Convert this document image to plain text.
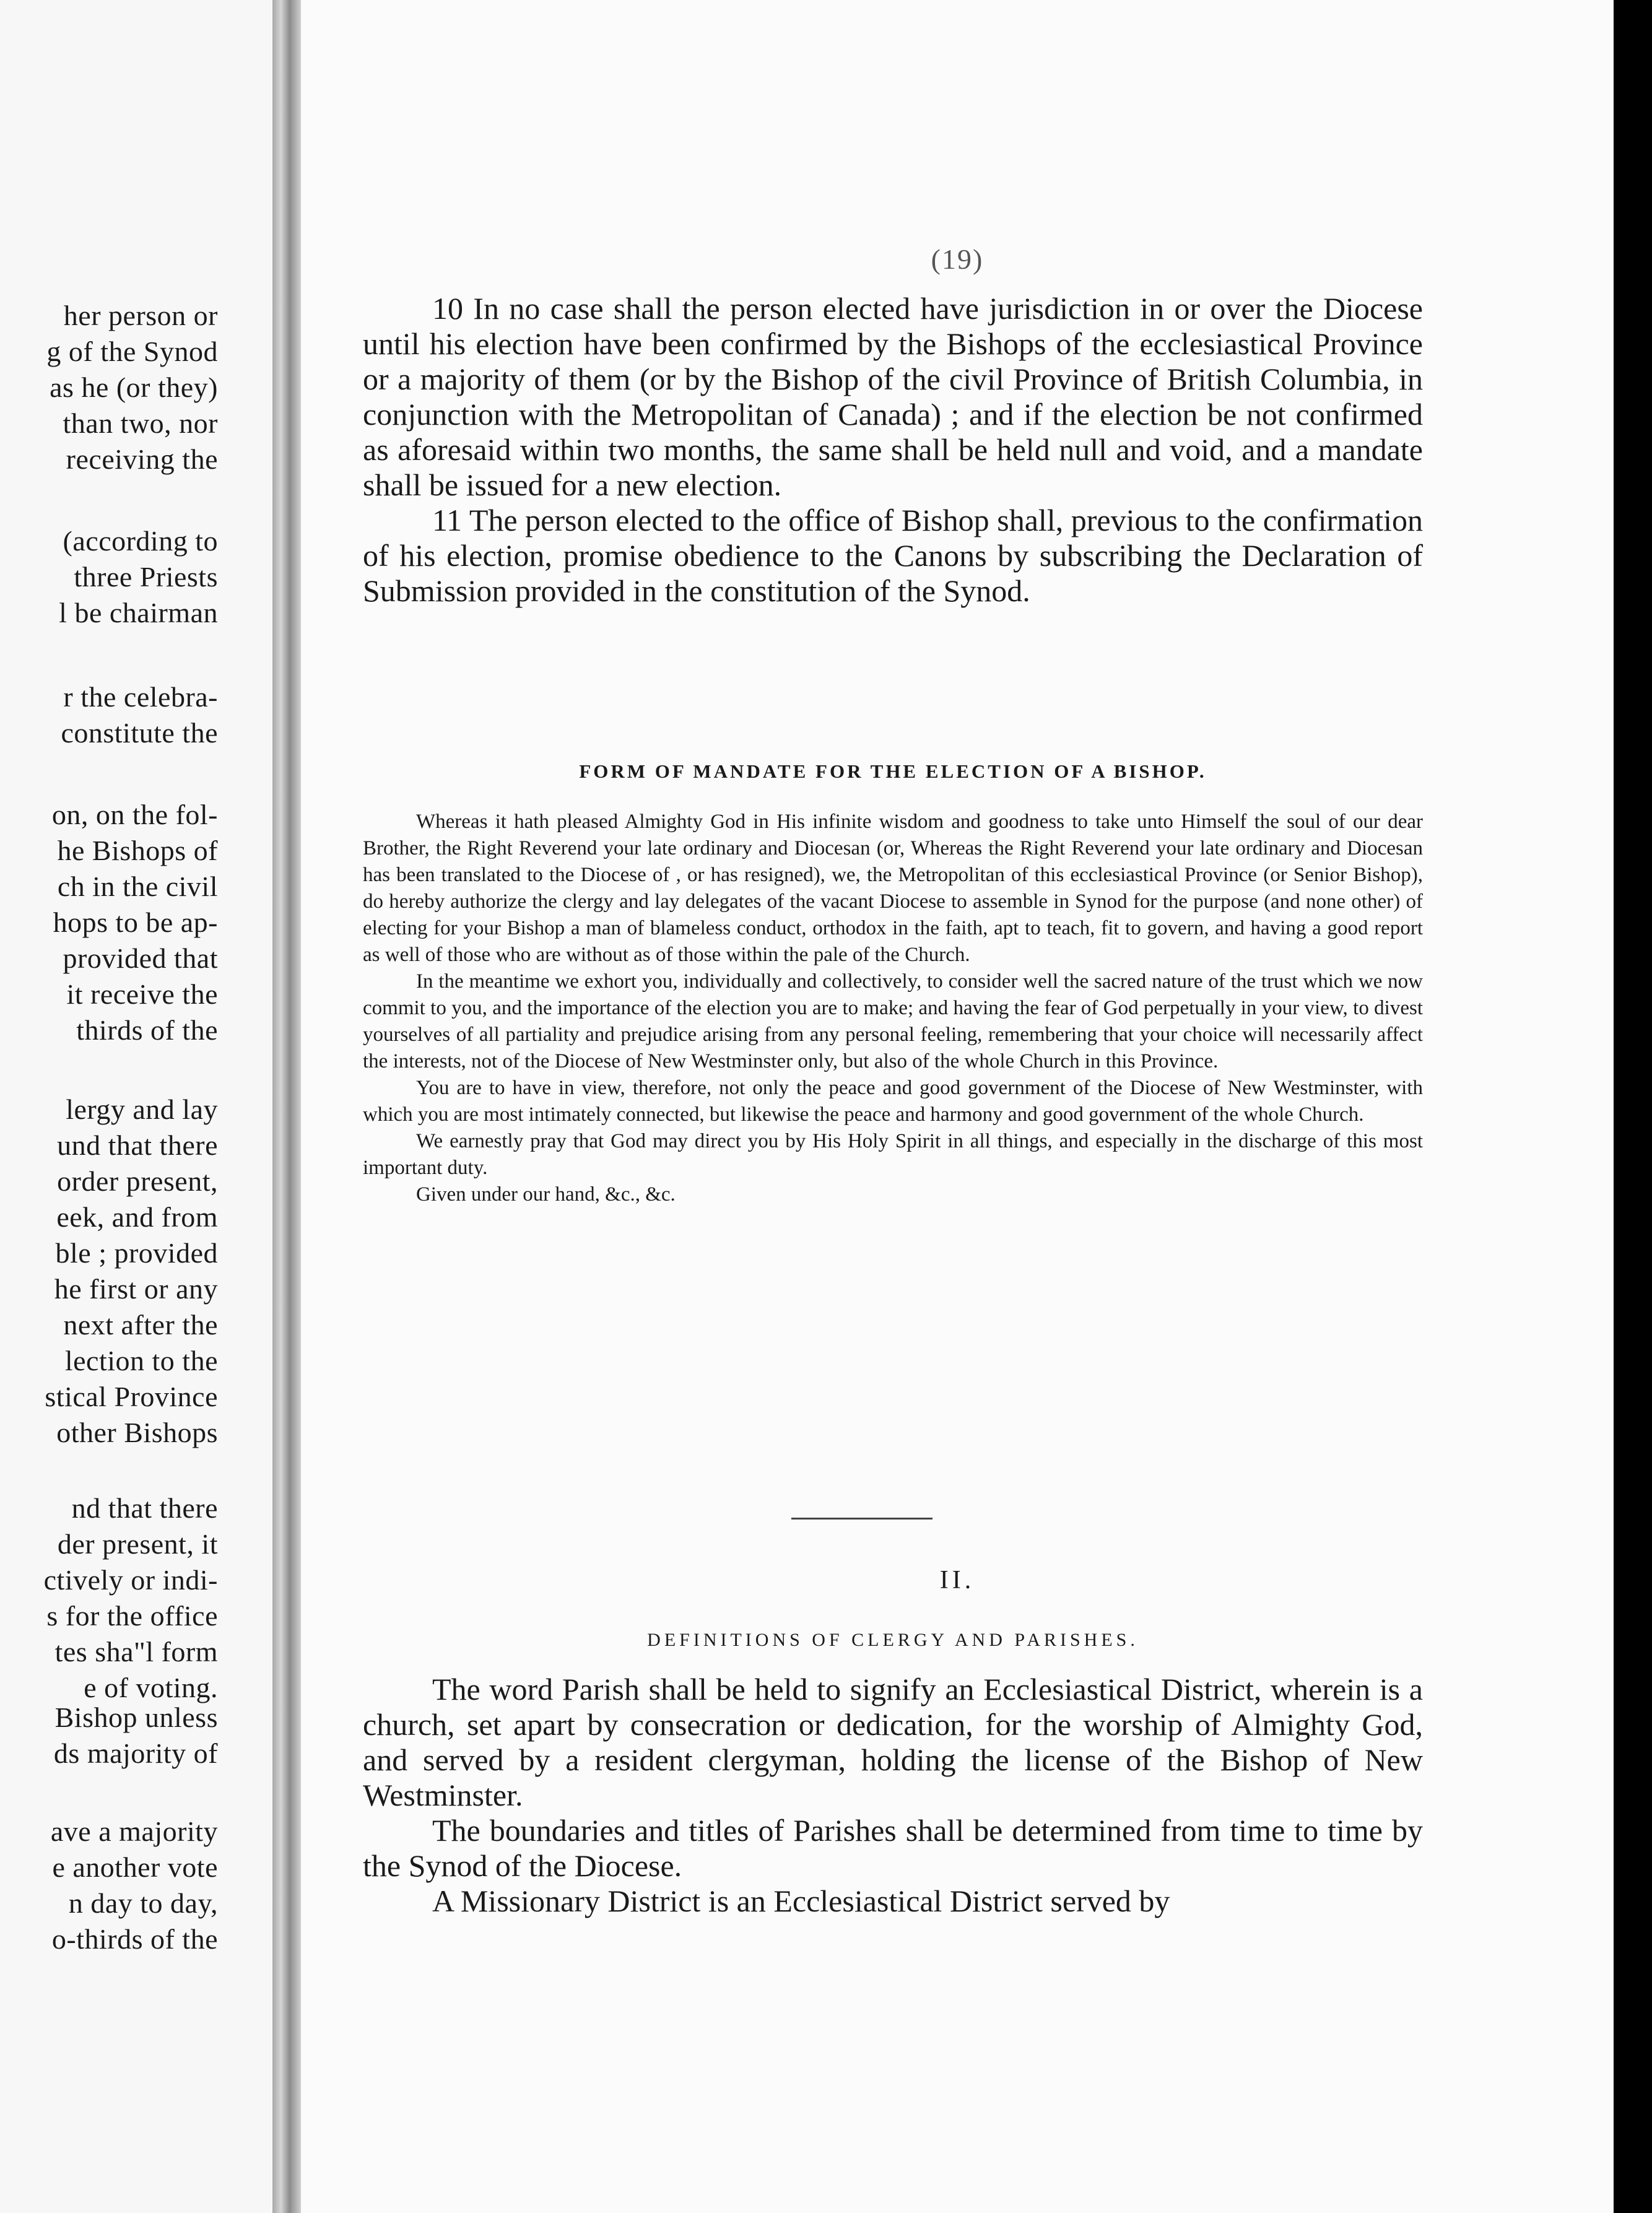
her person or
g of the Synod
as he (or they)
than two, nor
receiving the
(according to
three Priests
l be chairman
r the celebra-
constitute the
on, on the fol-
he Bishops of
ch in the civil
hops to be ap-
provided that
it receive the
thirds of the
lergy and lay
und that there
order present,
eek, and from
ble ; provided
he first or any
next after the
lection to the
stical Province
other Bishops
nd that there
der present, it
ctively or indi-
s for the office
tes sha"l form
e of voting.
Bishop unless
ds majority of
ave a majority
e another vote
n day to day,
o-thirds of the
(19)

10 In no case shall the person elected have jurisdiction in or over the Diocese until his election have been confirmed by the Bishops of the ecclesiastical Province or a majority of them (or by the Bishop of the civil Province of British Columbia, in conjunction with the Metropolitan of Canada) ; and if the election be not confirmed as aforesaid within two months, the same shall be held null and void, and a mandate shall be issued for a new election.

11 The person elected to the office of Bishop shall, previous to the confirmation of his election, promise obedience to the Canons by subscribing the Declaration of Submission provided in the constitution of the Synod.

FORM OF MANDATE FOR THE ELECTION OF A BISHOP.

Whereas it hath pleased Almighty God in His infinite wisdom and goodness to take unto Himself the soul of our dear Brother, the Right Reverend your late ordinary and Diocesan (or, Whereas the Right Reverend your late ordinary and Diocesan has been translated to the Diocese of , or has resigned), we, the Metropolitan of this ecclesiastical Province (or Senior Bishop), do hereby authorize the clergy and lay delegates of the vacant Diocese to assemble in Synod for the purpose (and none other) of electing for your Bishop a man of blameless conduct, orthodox in the faith, apt to teach, fit to govern, and having a good report as well of those who are without as of those within the pale of the Church.

In the meantime we exhort you, individually and collectively, to consider well the sacred nature of the trust which we now commit to you, and the importance of the election you are to make; and having the fear of God perpetually in your view, to divest yourselves of all partiality and prejudice arising from any personal feeling, remembering that your choice will necessarily affect the interests, not of the Diocese of New Westminster only, but also of the whole Church in this Province.

You are to have in view, therefore, not only the peace and good government of the Diocese of New Westminster, with which you are most intimately connected, but likewise the peace and harmony and good government of the whole Church.

We earnestly pray that God may direct you by His Holy Spirit in all things, and especially in the discharge of this most important duty.

Given under our hand, &c., &c.

II.
DEFINITIONS OF CLERGY AND PARISHES.

The word Parish shall be held to signify an Ecclesiastical District, wherein is a church, set apart by consecration or dedication, for the worship of Almighty God, and served by a resident clergyman, holding the license of the Bishop of New Westminster.

The boundaries and titles of Parishes shall be determined from time to time by the Synod of the Diocese.

A Missionary District is an Ecclesiastical District served by
